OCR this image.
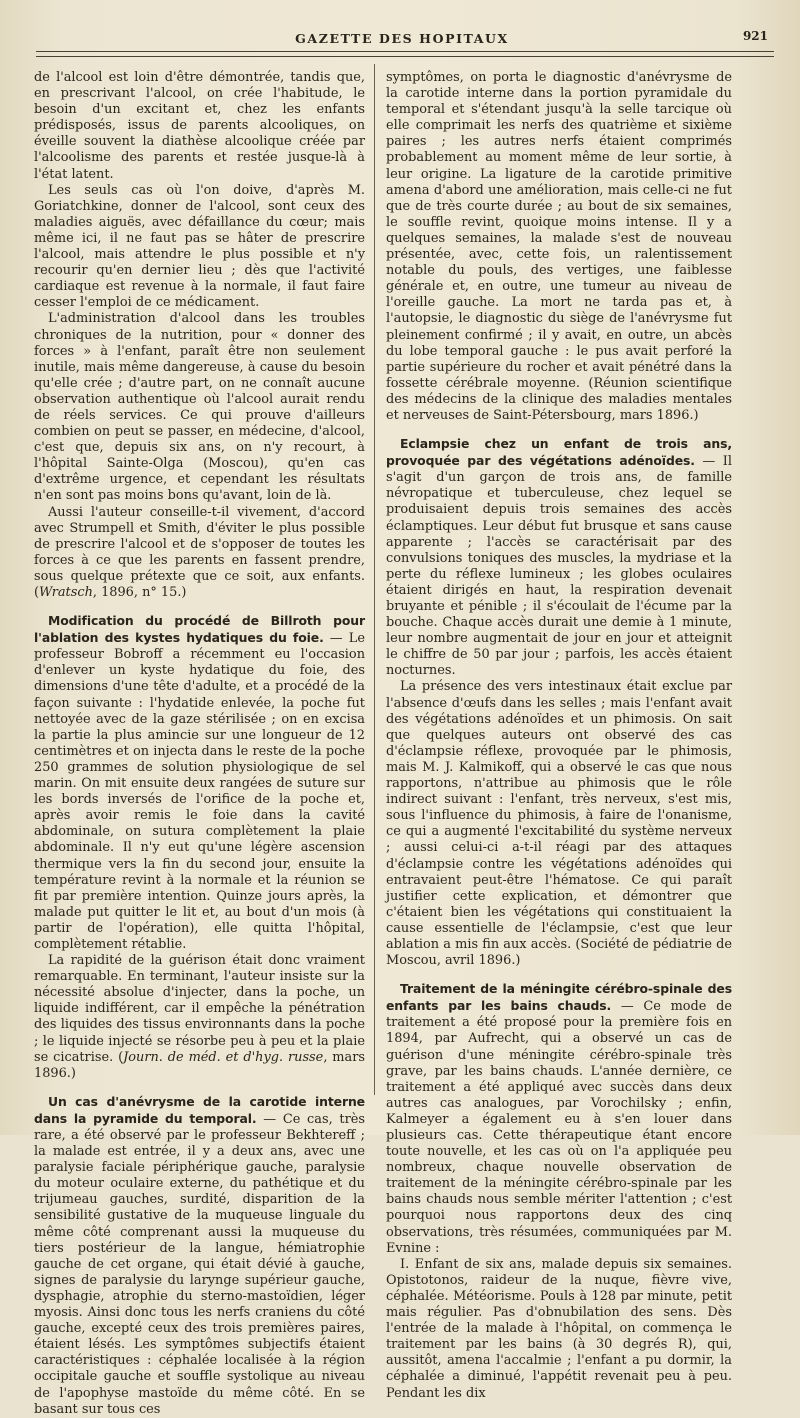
GAZETTE DES HOPITAUX	921

de l'alcool est loin d'être démontrée, tandis que, en prescrivant l'alcool, on crée l'habitude, le besoin d'un excitant et, chez les enfants prédisposés, issus de parents alcooliques, on éveille souvent la diathèse alcoolique créée par l'alcoolisme des parents et restée jusque-là à l'état latent.

Les seuls cas où l'on doive, d'après M. Goriatchkine, donner de l'alcool, sont ceux des maladies aiguës, avec défaillance du cœur; mais même ici, il ne faut pas se hâter de prescrire l'alcool, mais attendre le plus possible et n'y recourir qu'en dernier lieu ; dès que l'activité cardiaque est revenue à la normale, il faut faire cesser l'emploi de ce médicament.

L'administration d'alcool dans les troubles chroniques de la nutrition, pour « donner des forces » à l'enfant, paraît être non seulement inutile, mais même dangereuse, à cause du besoin qu'elle crée ; d'autre part, on ne connaît aucune observation authentique où l'alcool aurait rendu de réels services. Ce qui prouve d'ailleurs combien on peut se passer, en médecine, d'alcool, c'est que, depuis six ans, on n'y recourt, à l'hôpital Sainte-Olga (Moscou), qu'en cas d'extrême urgence, et cependant les résultats n'en sont pas moins bons qu'avant, loin de là.

Aussi l'auteur conseille-t-il vivement, d'accord avec Strumpell et Smith, d'éviter le plus possible de prescrire l'alcool et de s'opposer de toutes les forces à ce que les parents en fassent prendre, sous quelque prétexte que ce soit, aux enfants. (Wratsch, 1896, n° 15.)

Modification du procédé de Billroth pour l'ablation des kystes hydatiques du foie. — Le professeur Bobroff a récemment eu l'occasion d'enlever un kyste hydatique du foie, des dimensions d'une tête d'adulte, et a procédé de la façon suivante : l'hydatide enlevée, la poche fut nettoyée avec de la gaze stérilisée ; on en excisa la partie la plus amincie sur une longueur de 12 centimètres et on injecta dans le reste de la poche 250 grammes de solution physiologique de sel marin. On mit ensuite deux rangées de suture sur les bords inversés de l'orifice de la poche et, après avoir remis le foie dans la cavité abdominale, on sutura complètement la plaie abdominale. Il n'y eut qu'une légère ascension thermique vers la fin du second jour, ensuite la température revint à la normale et la réunion se fit par première intention. Quinze jours après, la malade put quitter le lit et, au bout d'un mois (à partir de l'opération), elle quitta l'hôpital, complètement rétablie.

La rapidité de la guérison était donc vraiment remarquable. En terminant, l'auteur insiste sur la nécessité absolue d'injecter, dans la poche, un liquide indifférent, car il empêche la pénétration des liquides des tissus environnants dans la poche ; le liquide injecté se résorbe peu à peu et la plaie se cicatrise. (Journ. de méd. et d'hyg. russe, mars 1896.)

Un cas d'anévrysme de la carotide interne dans la pyramide du temporal. — Ce cas, très rare, a été observé par le professeur Bekhtereff ; la malade est entrée, il y a deux ans, avec une paralysie faciale périphérique gauche, paralysie du moteur oculaire externe, du pathétique et du trijumeau gauches, surdité, disparition de la sensibilité gustative de la muqueuse linguale du même côté comprenant aussi la muqueuse du tiers postérieur de la langue, hémiatrophie gauche de cet organe, qui était dévié à gauche, signes de paralysie du larynge supérieur gauche, dysphagie, atrophie du sterno-mastoïdien, léger myosis. Ainsi donc tous les nerfs craniens du côté gauche, excepté ceux des trois premières paires, étaient lésés. Les symptômes subjectifs étaient caractéristiques : céphalée localisée à la région occipitale gauche et souffle systolique au niveau de l'apophyse mastoïde du même côté. En se basant sur tous ces

symptômes, on porta le diagnostic d'anévrysme de la carotide interne dans la portion pyramidale du temporal et s'étendant jusqu'à la selle tarcique où elle comprimait les nerfs des quatrième et sixième paires ; les autres nerfs étaient comprimés probablement au moment même de leur sortie, à leur origine. La ligature de la carotide primitive amena d'abord une amélioration, mais celle-ci ne fut que de très courte durée ; au bout de six semaines, le souffle revint, quoique moins intense. Il y a quelques semaines, la malade s'est de nouveau présentée, avec, cette fois, un ralentissement notable du pouls, des vertiges, une faiblesse générale et, en outre, une tumeur au niveau de l'oreille gauche. La mort ne tarda pas et, à l'autopsie, le diagnostic du siège de l'anévrysme fut pleinement confirmé ; il y avait, en outre, un abcès du lobe temporal gauche : le pus avait perforé la partie supérieure du rocher et avait pénétré dans la fossette cérébrale moyenne. (Réunion scientifique des médecins de la clinique des maladies mentales et nerveuses de Saint-Pétersbourg, mars 1896.)

Eclampsie chez un enfant de trois ans, provoquée par des végétations adénoïdes. — Il s'agit d'un garçon de trois ans, de famille névropatique et tuberculeuse, chez lequel se produisaient depuis trois semaines des accès éclamptiques. Leur début fut brusque et sans cause apparente ; l'accès se caractérisait par des convulsions toniques des muscles, la mydriase et la perte du réflexe lumineux ; les globes oculaires étaient dirigés en haut, la respiration devenait bruyante et pénible ; il s'écoulait de l'écume par la bouche. Chaque accès durait une demie à 1 minute, leur nombre augmentait de jour en jour et atteignit le chiffre de 50 par jour ; parfois, les accès étaient nocturnes.

La présence des vers intestinaux était exclue par l'absence d'œufs dans les selles ; mais l'enfant avait des végétations adénoïdes et un phimosis. On sait que quelques auteurs ont observé des cas d'éclampsie réflexe, provoquée par le phimosis, mais M. J. Kalmikoff, qui a observé le cas que nous rapportons, n'attribue au phimosis que le rôle indirect suivant : l'enfant, très nerveux, s'est mis, sous l'influence du phimosis, à faire de l'onanisme, ce qui a augmenté l'excitabilité du système nerveux ; aussi celui-ci a-t-il réagi par des attaques d'éclampsie contre les végétations adénoïdes qui entravaient peut-être l'hématose. Ce qui paraît justifier cette explication, et démontrer que c'étaient bien les végétations qui constituaient la cause essentielle de l'éclampsie, c'est que leur ablation a mis fin aux accès. (Société de pédiatrie de Moscou, avril 1896.)

Traitement de la méningite cérébro-spinale des enfants par les bains chauds. — Ce mode de traitement a été proposé pour la première fois en 1894, par Aufrecht, qui a observé un cas de guérison d'une méningite cérébro-spinale très grave, par les bains chauds. L'année dernière, ce traitement a été appliqué avec succès dans deux autres cas analogues, par Vorochilsky ; enfin, Kalmeyer a également eu à s'en louer dans plusieurs cas. Cette thérapeutique étant encore toute nouvelle, et les cas où on l'a appliquée peu nombreux, chaque nouvelle observation de traitement de la méningite cérébro-spinale par les bains chauds nous semble mériter l'attention ; c'est pourquoi nous rapportons deux des cinq observations, très résumées, communiquées par M. Evnine :

I. Enfant de six ans, malade depuis six semaines. Opistotonos, raideur de la nuque, fièvre vive, céphalée. Météorisme. Pouls à 128 par minute, petit mais régulier. Pas d'obnubilation des sens. Dès l'entrée de la malade à l'hôpital, on commença le traitement par les bains (à 30 degrés R), qui, aussitôt, amena l'accalmie ; l'enfant a pu dormir, la céphalée a diminué, l'appétit revenait peu à peu. Pendant les dix
